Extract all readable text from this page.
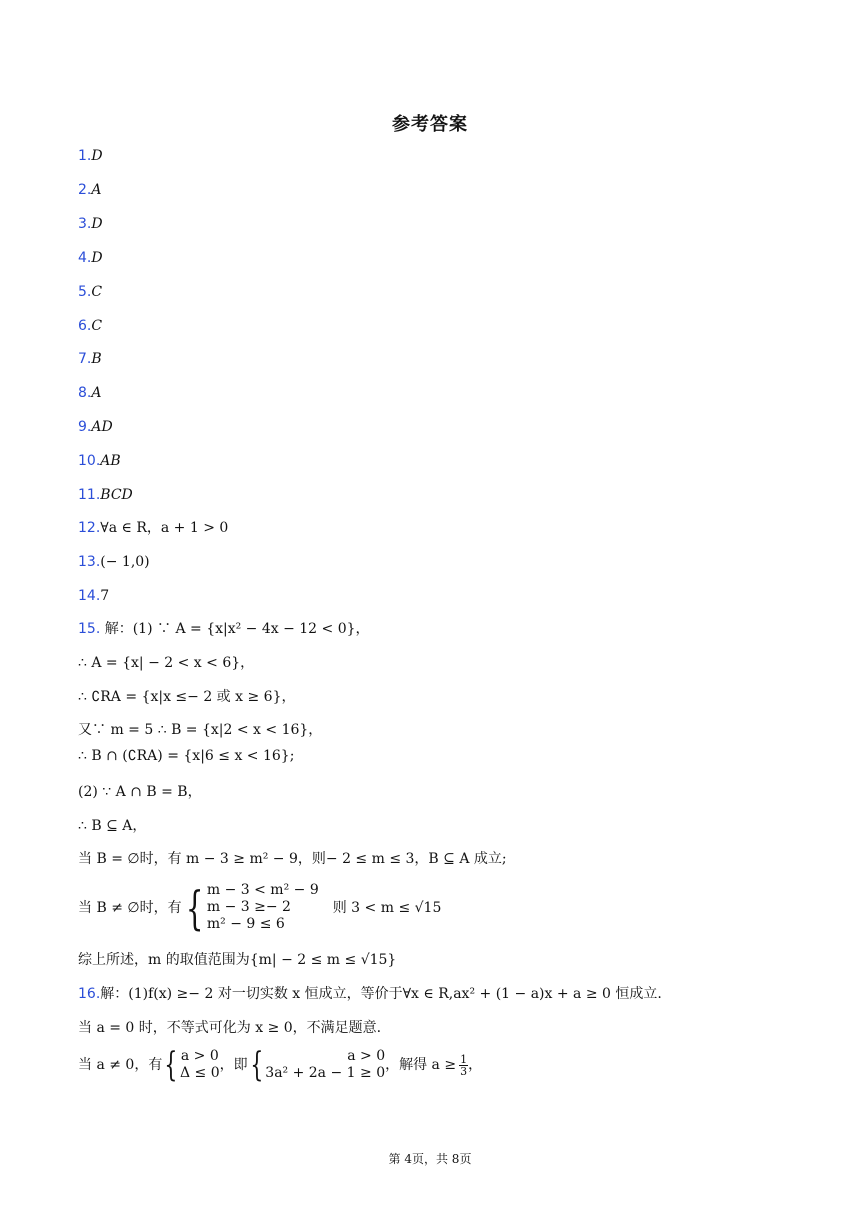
参考答案
1.D
2.A
3.D
4.D
5.C
6.C
7.B
8.A
9.AD
10.AB
11.BCD
12.∀a ∈ R，a + 1 > 0
13.(− 1,0)
14.7
15. 解：(1) ∵ A = {x|x² − 4x − 12 < 0}，
∴ A = {x| − 2 < x < 6}，
∴ ∁RA = {x|x ≤− 2 或 x ≥ 6}，
又∵ m = 5 ∴ B = {x|2 < x < 16}，
∴ B ∩ (∁RA) = {x|6 ≤ x < 16};
(2) ∵ A ∩ B = B，
∴ B ⊆ A，
当 B = ∅时，有 m − 3 ≥ m² − 9，则− 2 ≤ m ≤ 3，B ⊆ A 成立;
当 B ≠ ∅时，有{ m − 3 < m² − 9
m − 3 ≥− 2
m² − 9 ≤ 6
则 3 < m ≤ √15
综上所述，m 的取值范围为{m| − 2 ≤ m ≤ √15}
16.解：(1)f(x) ≥− 2 对一切实数 x 恒成立，等价于∀x ∈ R,ax² + (1 − a)x + a ≥ 0 恒成立.
当 a = 0 时，不等式可化为 x ≥ 0，不满足题意.
当 a ≠ 0，有{ a > 0
Δ ≤ 0 ，即{	a > 0
3a² + 2a − 1 ≥ 0 ，解得 $a \ge \frac{1}{3}$ ，
第 4页，共 8页
